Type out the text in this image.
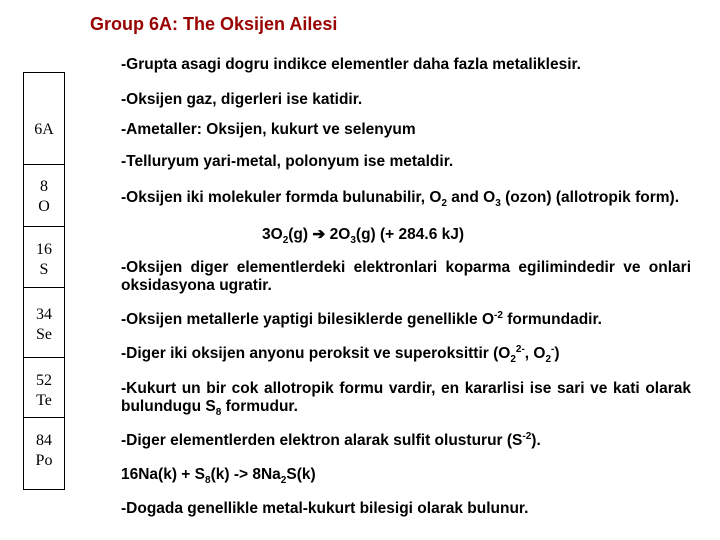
Group 6A: The Oksijen Ailesi
6A
8
O
16
S
34
Se
52
Te
84
Po
-Grupta asagi dogru indikce elementler daha fazla metaliklesir.
-Oksijen gaz, digerleri ise katidir.
-Ametaller: Oksijen, kukurt ve selenyum
-Telluryum yari-metal, polonyum ise metaldir.
-Oksijen iki molekuler formda bulunabilir, $O_2$ and $O_3$ (ozon) (allotropik form).
$3O_2(g)$ ➔ $2O_3(g)$ (+ 284.6 kJ)
-Oksijen diger elementlerdeki elektronlari koparma egilimindedir ve onlari oksidasyona ugratir.
-Oksijen metallerle yaptigi bilesiklerde genellikle $O^{-2}$ formundadir.
-Diger iki oksijen anyonu peroksit ve superoksittir ($O_2^{2-}$, $O_2^-$)
-Kukurt un bir cok allotropik formu vardir, en kararlisi ise sari ve kati olarak bulundugu $S_8$ formudur.
-Diger elementlerden elektron alarak sulfit olusturur $(S^{-2})$.
$16Na(k) + S_8(k) -> 8Na_2S(k)$
-Dogada genellikle metal-kukurt bilesigi olarak bulunur.
